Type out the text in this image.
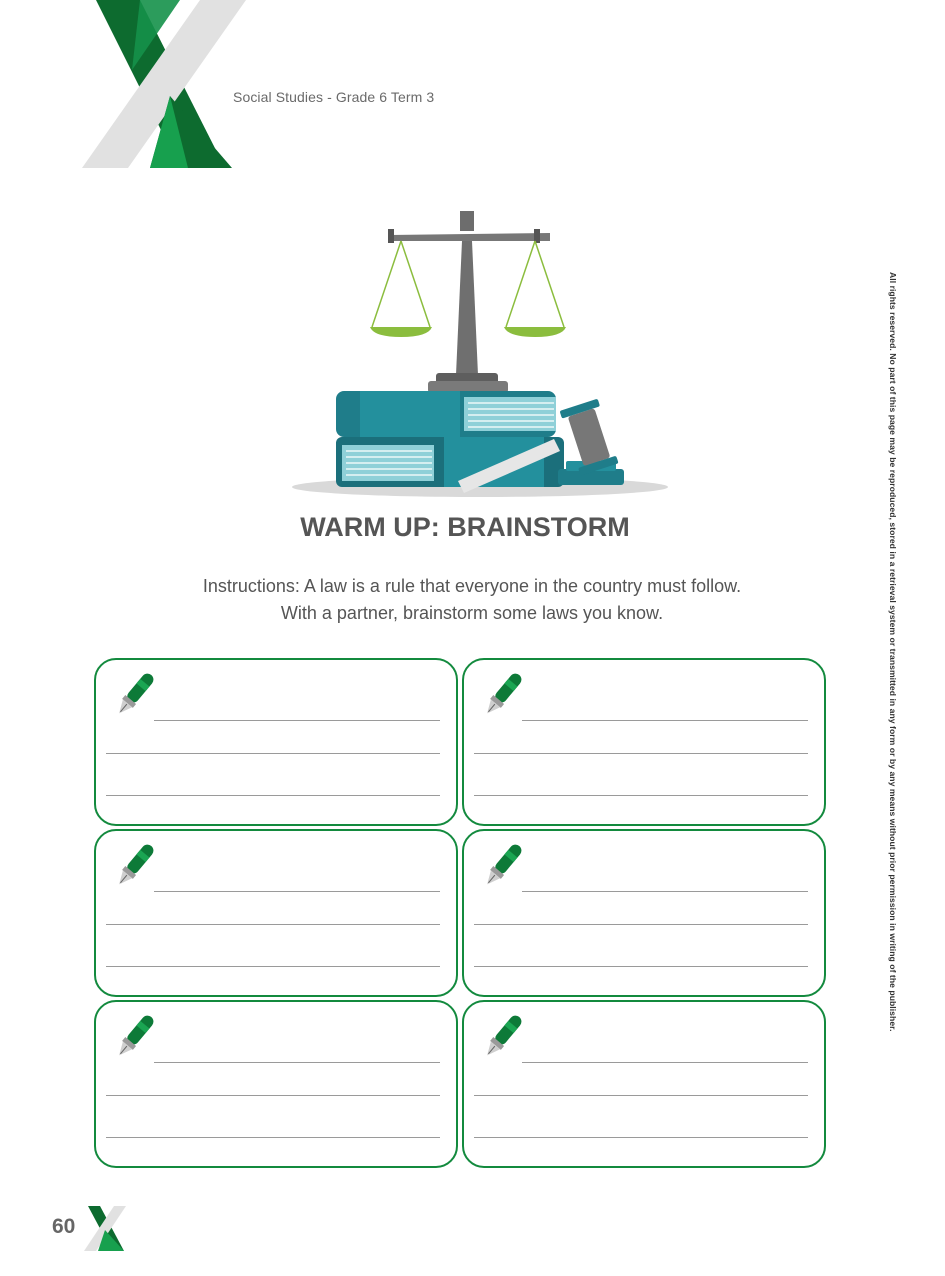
Social Studies - Grade 6 Term 3
All rights reserved. No part of this page may be reproduced, stored in a retrieval system or transmitted in any form or by any means without prior permission in writing of the publisher.
WARM UP: BRAINSTORM
Instructions: A law is a rule that everyone in the country must follow.
With a partner, brainstorm some laws you know.
60
